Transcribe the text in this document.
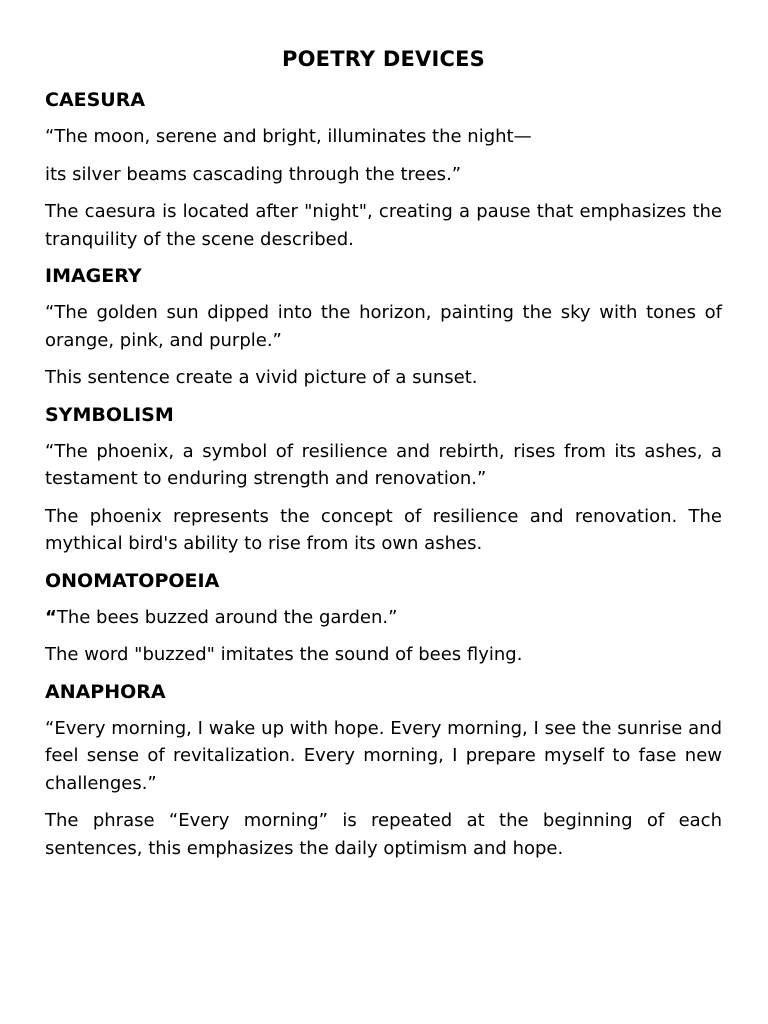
POETRY DEVICES
CAESURA
“The moon, serene and bright, illuminates the night—
its silver beams cascading through the trees.”
The caesura is located after "night", creating a pause that emphasizes the tranquility of the scene described.
IMAGERY
“The golden sun dipped into the horizon, painting the sky with tones of orange, pink, and purple.”
This sentence create a vivid picture of a sunset.
SYMBOLISM
“The phoenix, a symbol of resilience and rebirth, rises from its ashes, a testament to enduring strength and renovation.”
The phoenix represents the concept of resilience and renovation. The mythical bird's ability to rise from its own ashes.
ONOMATOPOEIA
“The bees buzzed around the garden.”
The word "buzzed" imitates the sound of bees flying.
ANAPHORA
“Every morning, I wake up with hope. Every morning, I see the sunrise and feel sense of revitalization. Every morning, I prepare myself to fase new challenges.”
The phrase “Every morning” is repeated at the beginning of each sentences, this emphasizes the daily optimism and hope.
